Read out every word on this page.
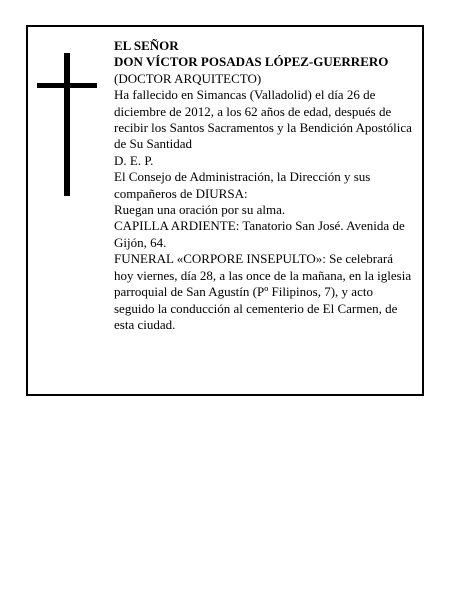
EL SEÑOR
DON VÍCTOR POSADAS LÓPEZ-GUERRERO
(DOCTOR ARQUITECTO)
Ha fallecido en Simancas (Valladolid) el día 26 de diciembre de 2012, a los 62 años de edad, después de recibir los Santos Sacramentos y la Bendición Apostólica de Su Santidad
D. E. P.
El Consejo de Administración, la Dirección y sus compañeros de DIURSA:
Ruegan una oración por su alma.
CAPILLA ARDIENTE: Tanatorio San José. Avenida de Gijón, 64.
FUNERAL «CORPORE INSEPULTO»: Se celebrará hoy viernes, día 28, a las once de la mañana, en la iglesia parroquial de San Agustín (Pº Filipinos, 7), y acto seguido la conducción al cementerio de El Carmen, de esta ciudad.
